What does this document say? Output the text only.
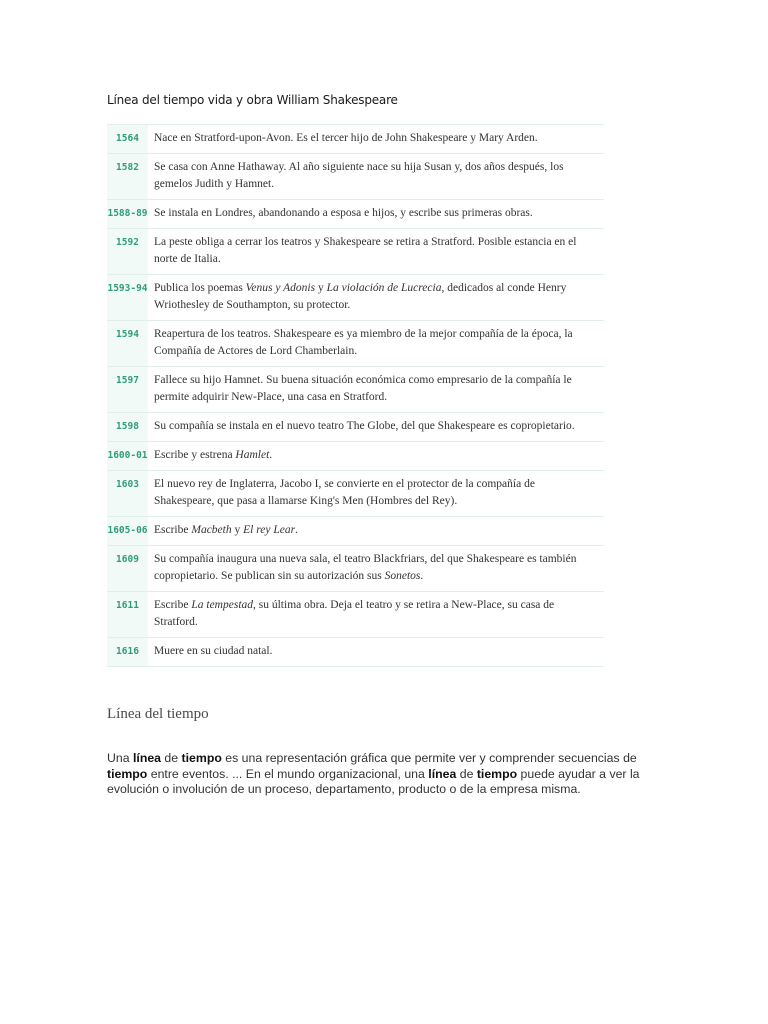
Línea del tiempo vida y obra William Shakespeare
1564	Nace en Stratford-upon-Avon. Es el tercer hijo de John Shakespeare y Mary Arden.
1582	Se casa con Anne Hathaway. Al año siguiente nace su hija Susan y, dos años después, los gemelos Judith y Hamnet.
1588-89	Se instala en Londres, abandonando a esposa e hijos, y escribe sus primeras obras.
1592	La peste obliga a cerrar los teatros y Shakespeare se retira a Stratford. Posible estancia en el norte de Italia.
1593-94	Publica los poemas Venus y Adonis y La violación de Lucrecia, dedicados al conde Henry Wriothesley de Southampton, su protector.
1594	Reapertura de los teatros. Shakespeare es ya miembro de la mejor compañía de la época, la Compañía de Actores de Lord Chamberlain.
1597	Fallece su hijo Hamnet. Su buena situación económica como empresario de la compañía le permite adquirir New-Place, una casa en Stratford.
1598	Su compañía se instala en el nuevo teatro The Globe, del que Shakespeare es copropietario.
1600-01	Escribe y estrena Hamlet.
1603	El nuevo rey de Inglaterra, Jacobo I, se convierte en el protector de la compañía de Shakespeare, que pasa a llamarse King's Men (Hombres del Rey).
1605-06	Escribe Macbeth y El rey Lear.
1609	Su compañía inaugura una nueva sala, el teatro Blackfriars, del que Shakespeare es también copropietario. Se publican sin su autorización sus Sonetos.
1611	Escribe La tempestad, su última obra. Deja el teatro y se retira a New-Place, su casa de Stratford.
1616	Muere en su ciudad natal.
Línea del tiempo

Una línea de tiempo es una representación gráfica que permite ver y comprender secuencias de tiempo entre eventos. ... En el mundo organizacional, una línea de tiempo puede ayudar a ver la evolución o involución de un proceso, departamento, producto o de la empresa misma.
